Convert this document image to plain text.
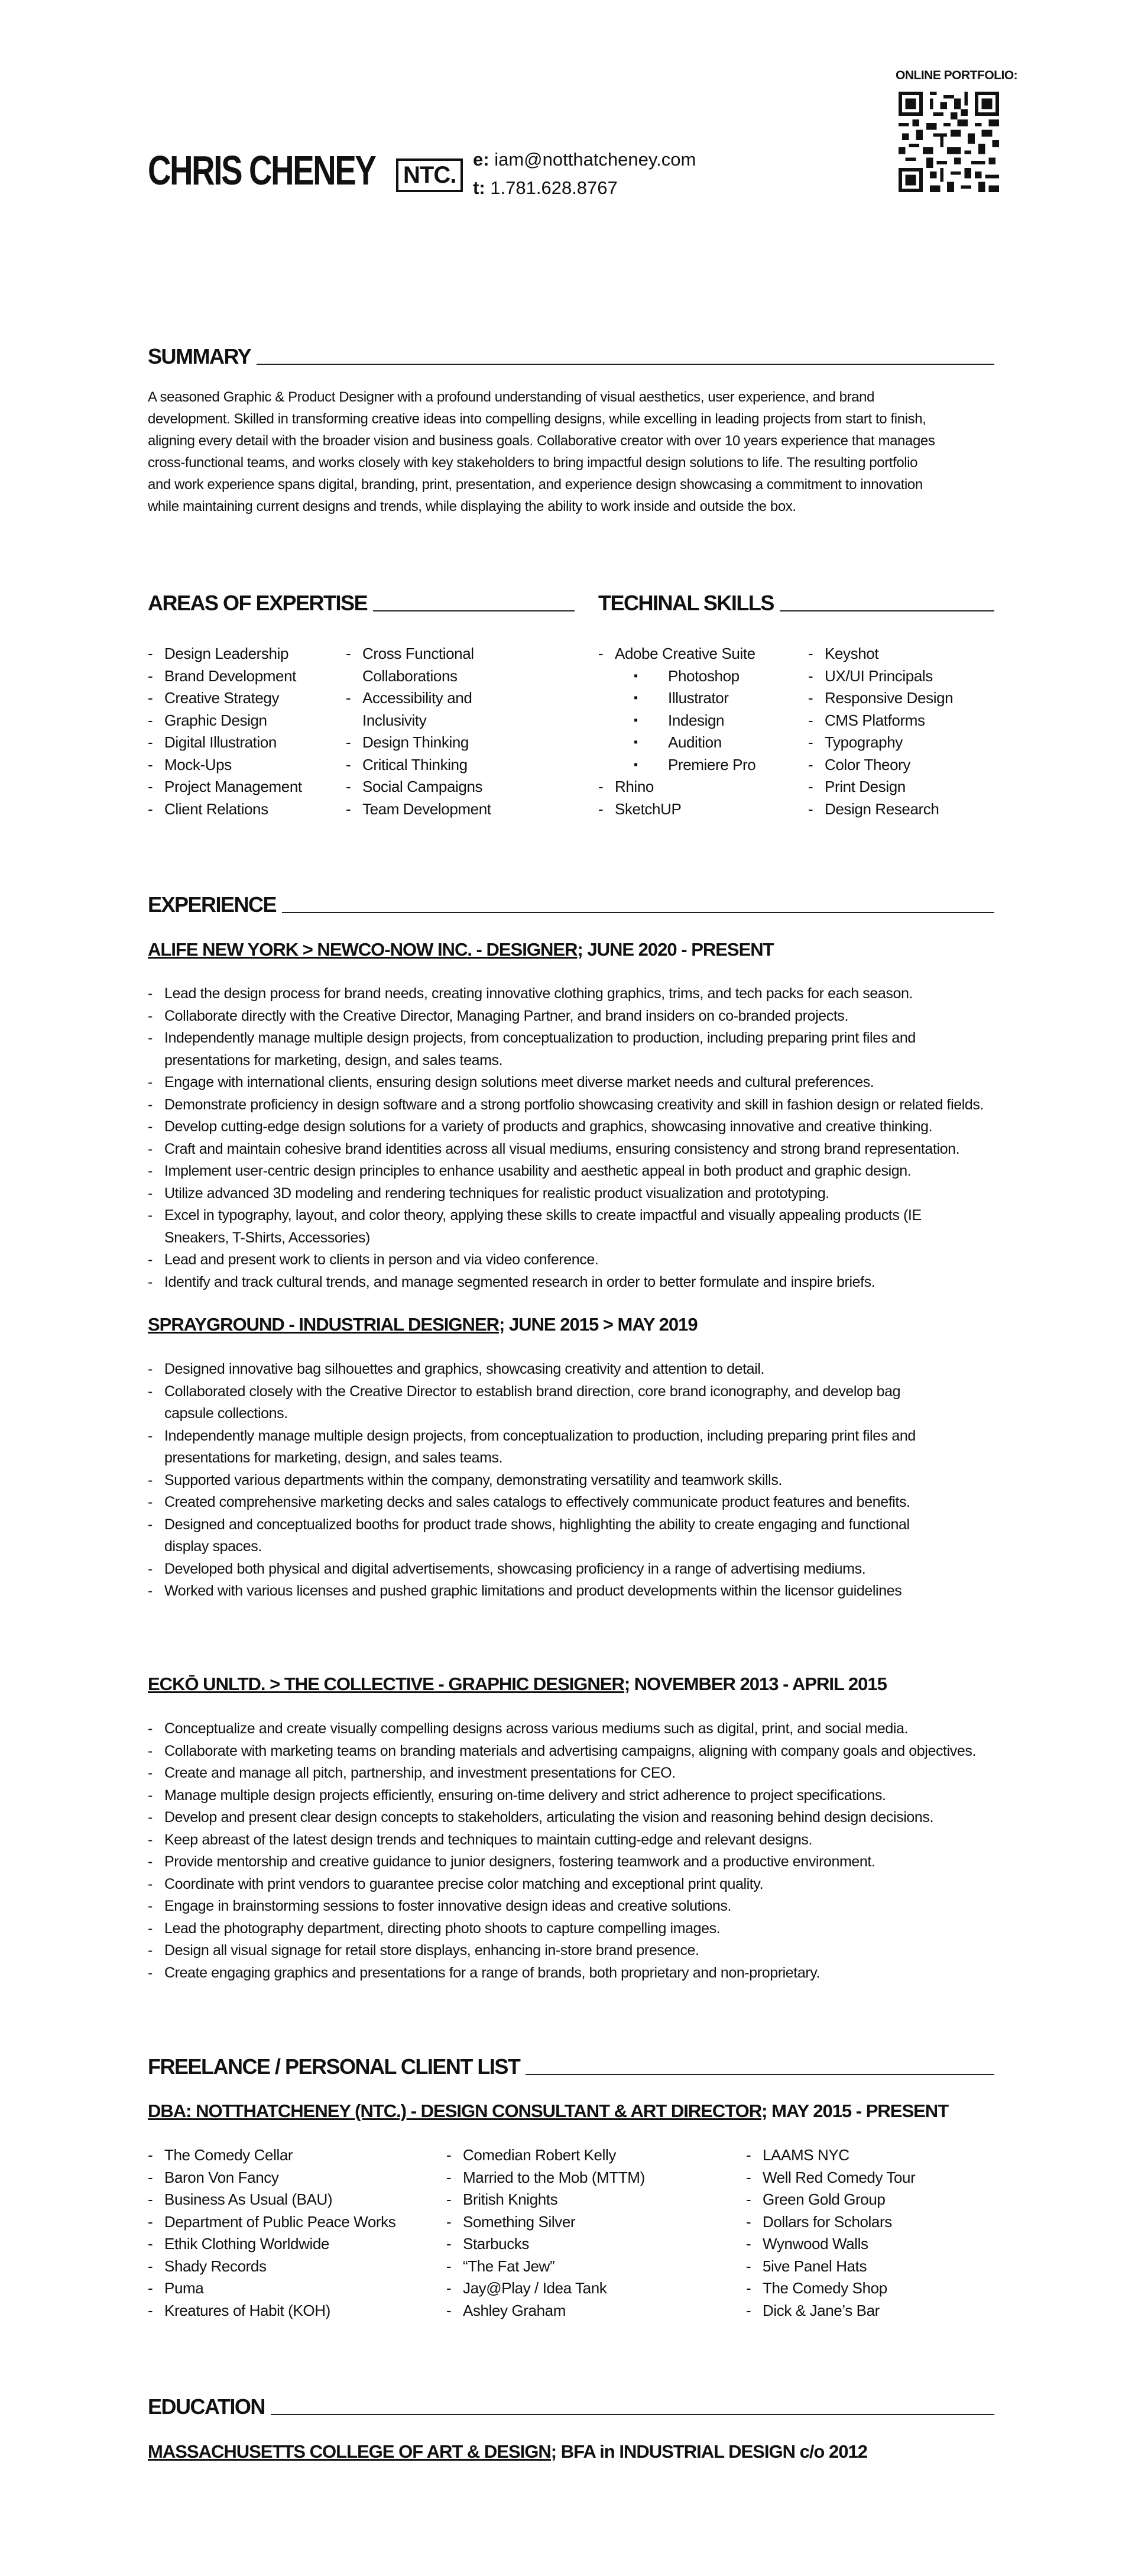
CHRIS CHENEY	NTC.
e: iam@notthatcheney.com
t: 1.781.628.8767
ONLINE PORTFOLIO:
SUMMARY
A seasoned Graphic & Product Designer with a profound understanding of visual aesthetics, user experience, and brand
development. Skilled in transforming creative ideas into compelling designs, while excelling in leading projects from start to finish,
aligning every detail with the broader vision and business goals. Collaborative creator with over 10 years experience that manages
cross-functional teams, and works closely with key stakeholders to bring impactful design solutions to life. The resulting portfolio
and work experience spans digital, branding, print, presentation, and experience design showcasing a commitment to innovation
while maintaining current designs and trends, while displaying the ability to work inside and outside the box.
AREAS OF EXPERTISE
- Design Leadership
- Brand Development
- Creative Strategy
- Graphic Design
- Digital Illustration
- Mock-Ups
- Project Management
- Client Relations
- Cross Functional
Collaborations
- Accessibility and
Inclusivity
- Design Thinking
- Critical Thinking
- Social Campaigns
- Team Development
TECHINAL SKILLS
- Adobe Creative Suite
▪ Photoshop
▪ Illustrator
▪ Indesign
▪ Audition
▪ Premiere Pro
- Rhino
- SketchUP
- Keyshot
- UX/UI Principals
- Responsive Design
- CMS Platforms
- Typography
- Color Theory
- Print Design
- Design Research
EXPERIENCE
ALIFE NEW YORK > NEWCO-NOW INC. - DESIGNER; JUNE 2020 - PRESENT
- Lead the design process for brand needs, creating innovative clothing graphics, trims, and tech packs for each season.
- Collaborate directly with the Creative Director, Managing Partner, and brand insiders on co-branded projects.
- Independently manage multiple design projects, from conceptualization to production, including preparing print files and
presentations for marketing, design, and sales teams.
- Engage with international clients, ensuring design solutions meet diverse market needs and cultural preferences.
- Demonstrate proficiency in design software and a strong portfolio showcasing creativity and skill in fashion design or related fields.
- Develop cutting-edge design solutions for a variety of products and graphics, showcasing innovative and creative thinking.
- Craft and maintain cohesive brand identities across all visual mediums, ensuring consistency and strong brand representation.
- Implement user-centric design principles to enhance usability and aesthetic appeal in both product and graphic design.
- Utilize advanced 3D modeling and rendering techniques for realistic product visualization and prototyping.
- Excel in typography, layout, and color theory, applying these skills to create impactful and visually appealing products (IE
Sneakers, T-Shirts, Accessories)
- Lead and present work to clients in person and via video conference.
- Identify and track cultural trends, and manage segmented research in order to better formulate and inspire briefs.
SPRAYGROUND - INDUSTRIAL DESIGNER; JUNE 2015 > MAY 2019
- Designed innovative bag silhouettes and graphics, showcasing creativity and attention to detail.
- Collaborated closely with the Creative Director to establish brand direction, core brand iconography, and develop bag
capsule collections.
- Independently manage multiple design projects, from conceptualization to production, including preparing print files and
presentations for marketing, design, and sales teams.
- Supported various departments within the company, demonstrating versatility and teamwork skills.
- Created comprehensive marketing decks and sales catalogs to effectively communicate product features and benefits.
- Designed and conceptualized booths for product trade shows, highlighting the ability to create engaging and functional
display spaces.
- Developed both physical and digital advertisements, showcasing proficiency in a range of advertising mediums.
- Worked with various licenses and pushed graphic limitations and product developments within the licensor guidelines
ECKŌ UNLTD. > THE COLLECTIVE - GRAPHIC DESIGNER; NOVEMBER 2013 - APRIL 2015
- Conceptualize and create visually compelling designs across various mediums such as digital, print, and social media.
- Collaborate with marketing teams on branding materials and advertising campaigns, aligning with company goals and objectives.
- Create and manage all pitch, partnership, and investment presentations for CEO.
- Manage multiple design projects efficiently, ensuring on-time delivery and strict adherence to project specifications.
- Develop and present clear design concepts to stakeholders, articulating the vision and reasoning behind design decisions.
- Keep abreast of the latest design trends and techniques to maintain cutting-edge and relevant designs.
- Provide mentorship and creative guidance to junior designers, fostering teamwork and a productive environment.
- Coordinate with print vendors to guarantee precise color matching and exceptional print quality.
- Engage in brainstorming sessions to foster innovative design ideas and creative solutions.
- Lead the photography department, directing photo shoots to capture compelling images.
- Design all visual signage for retail store displays, enhancing in-store brand presence.
- Create engaging graphics and presentations for a range of brands, both proprietary and non-proprietary.
FREELANCE / PERSONAL CLIENT LIST
DBA: NOTTHATCHENEY (NTC.) - DESIGN CONSULTANT & ART DIRECTOR; MAY 2015 - PRESENT
- The Comedy Cellar
- Baron Von Fancy
- Business As Usual (BAU)
- Department of Public Peace Works
- Ethik Clothing Worldwide
- Shady Records
- Puma
- Kreatures of Habit (KOH)
- Comedian Robert Kelly
- Married to the Mob (MTTM)
- British Knights
- Something Silver
- Starbucks
- “The Fat Jew”
- Jay@Play / Idea Tank
- Ashley Graham
- LAAMS NYC
- Well Red Comedy Tour
- Green Gold Group
- Dollars for Scholars
- Wynwood Walls
- 5ive Panel Hats
- The Comedy Shop
- Dick & Jane’s Bar
EDUCATION
MASSACHUSETTS COLLEGE OF ART & DESIGN; BFA in INDUSTRIAL DESIGN c/o 2012
